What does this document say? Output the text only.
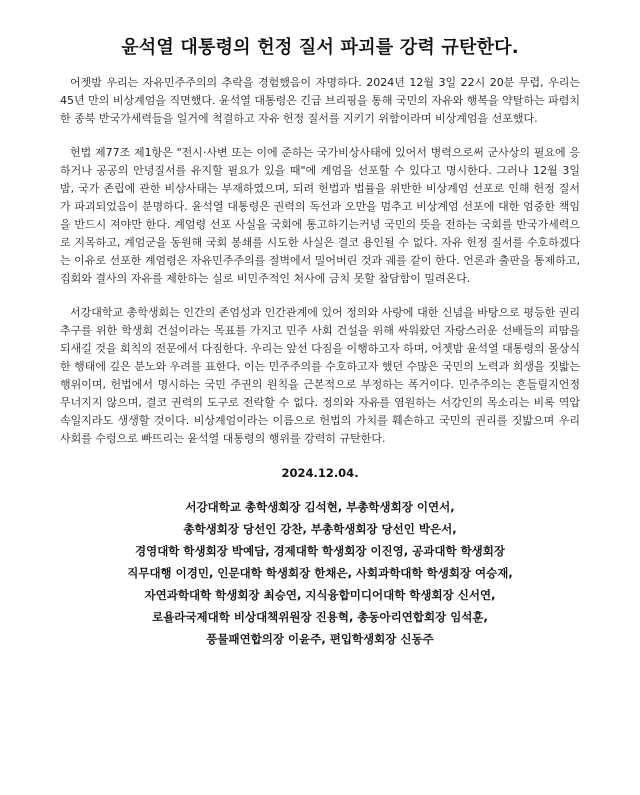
윤석열 대통령의 헌정 질서 파괴를 강력 규탄한다.

어젯밤 우리는 자유민주주의의 추락을 경험했음이 자명하다. 2024년 12월 3일 22시 20분 무렵, 우리는 45년 만의 비상계엄을 직면했다. 윤석열 대통령은 긴급 브리핑을 통해 국민의 자유와 행복을 약탈하는 파렴치한 종북 반국가세력들을 일거에 척결하고 자유 헌정 질서를 지키기 위함이라며 비상계엄을 선포했다.

헌법 제77조 제1항은 "전시·사변 또는 이에 준하는 국가비상사태에 있어서 병력으로써 군사상의 필요에 응하거나 공공의 안녕질서를 유지할 필요가 있을 때"에 계엄을 선포할 수 있다고 명시한다. 그러나 12월 3일 밤, 국가 존립에 관한 비상사태는 부재하였으며, 되려 헌법과 법률을 위반한 비상계엄 선포로 인해 헌정 질서가 파괴되었음이 분명하다. 윤석열 대통령은 권력의 독선과 오만을 멈추고 비상계엄 선포에 대한 엄중한 책임을 반드시 져야만 한다. 계엄령 선포 사실을 국회에 통고하기는커녕 국민의 뜻을 전하는 국회를 반국가세력으로 지목하고, 계엄군을 동원해 국회 봉쇄를 시도한 사실은 결코 용인될 수 없다. 자유 헌정 질서를 수호하겠다는 이유로 선포한 계엄령은 자유민주주의를 절벽에서 밀어버린 것과 궤를 같이 한다. 언론과 출판을 통제하고, 집회와 결사의 자유를 제한하는 실로 비민주적인 처사에 금치 못할 참담함이 밀려온다.

서강대학교 총학생회는 인간의 존엄성과 인간관계에 있어 정의와 사랑에 대한 신념을 바탕으로 평등한 권리 추구를 위한 학생회 건설이라는 목표를 가지고 민주 사회 건설을 위해 싸워왔던 자랑스러운 선배들의 피땀을 되새길 것을 회칙의 전문에서 다짐한다. 우리는 앞선 다짐을 이행하고자 하며, 어젯밤 윤석열 대통령의 몰상식한 행태에 깊은 분노와 우려를 표한다. 이는 민주주의를 수호하고자 했던 수많은 국민의 노력과 희생을 짓밟는 행위이며, 헌법에서 명시하는 국민 주권의 원칙을 근본적으로 부정하는 폭거이다. 민주주의는 흔들릴지언정 무너지지 않으며, 결코 권력의 도구로 전락할 수 없다. 정의와 자유를 염원하는 서강인의 목소리는 비록 역압 속일지라도 생생할 것이다. 비상계엄이라는 이름으로 헌법의 가치를 훼손하고 국민의 권리를 짓밟으며 우리 사회를 수렁으로 빠뜨리는 윤석열 대통령의 행위를 강력히 규탄한다.

2024.12.04.
서강대학교 총학생회장 김석현, 부총학생회장 이연서,
총학생회장 당선인 강찬, 부총학생회장 당선인 박은서,
경영대학 학생회장 박예담, 경제대학 학생회장 이진영, 공과대학 학생회장
직무대행 이경민, 인문대학 학생회장 한채은, 사회과학대학 학생회장 여승재,
자연과학대학 학생회장 최승연, 지식융합미디어대학 학생회장 신서연,
로욜라국제대학 비상대책위원장 진용혁, 총동아리연합회장 임석훈,
풍물패연합의장 이윤주, 편입학생회장 신동주
